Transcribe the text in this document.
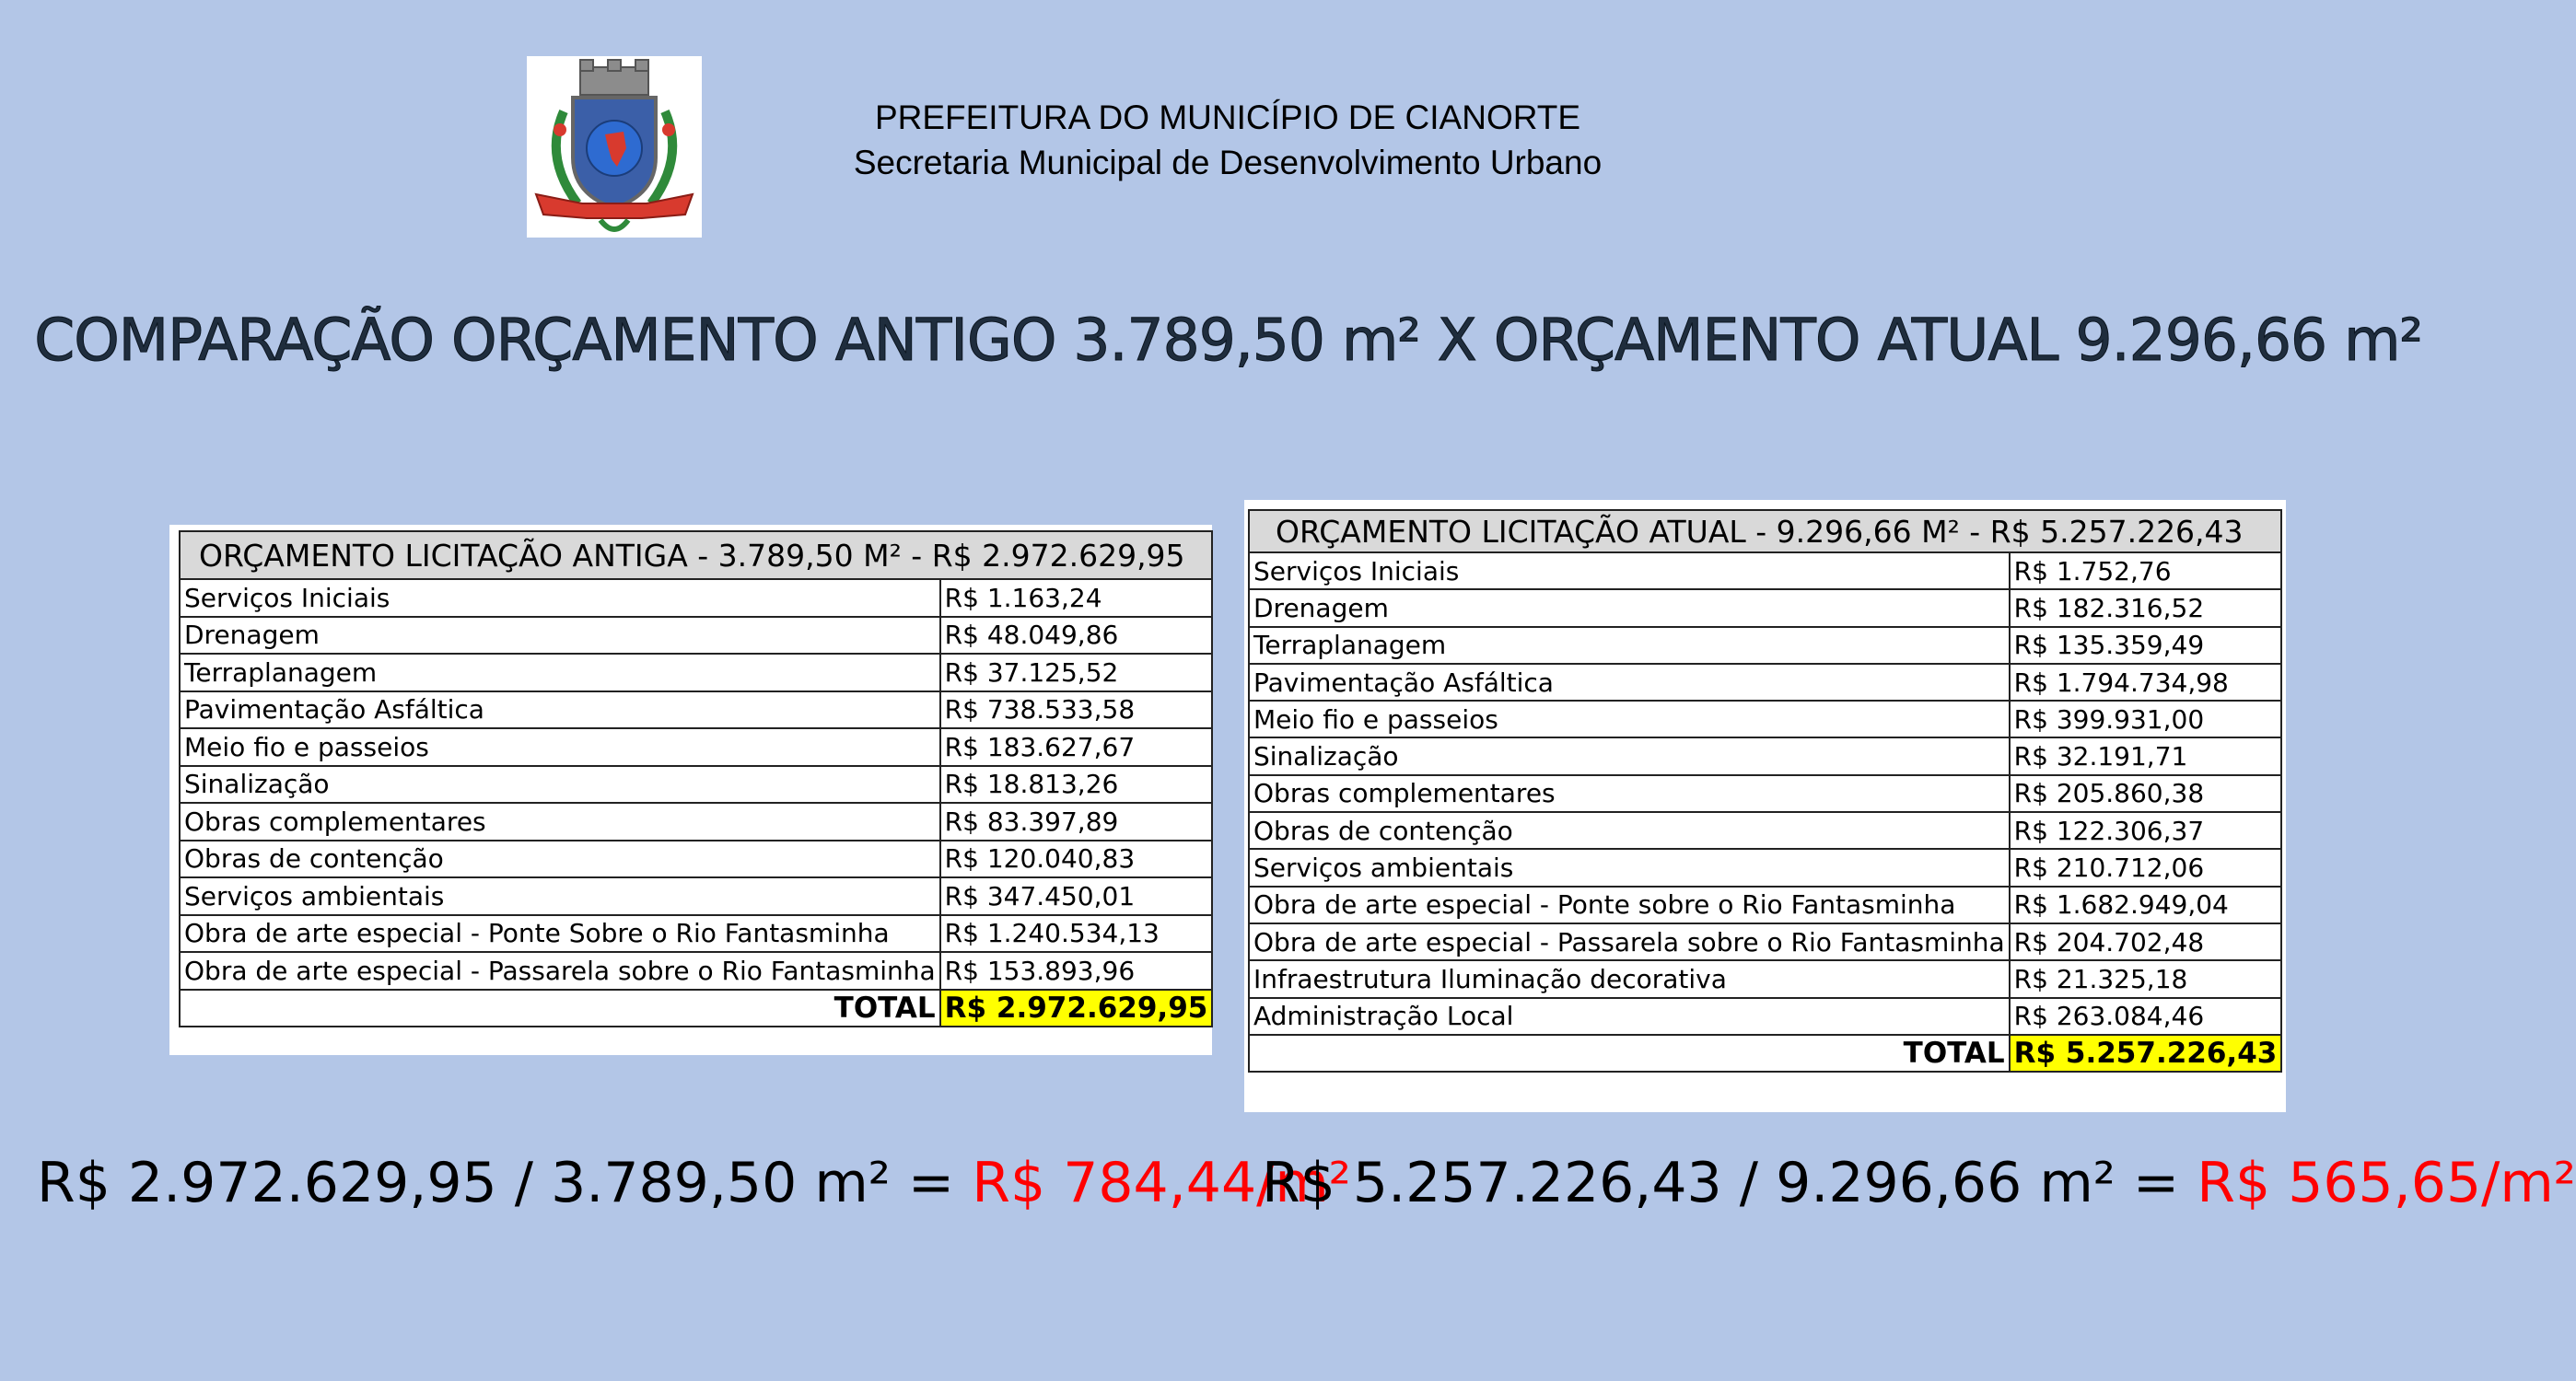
PREFEITURA DO MUNICÍPIO DE CIANORTE
Secretaria Municipal de Desenvolvimento Urbano
COMPARAÇÃO ORÇAMENTO ANTIGO 3.789,50 m² X ORÇAMENTO ATUAL 9.296,66 m²
ORÇAMENTO LICITAÇÃO ANTIGA - 3.789,50 M² - R$ 2.972.629,95	
Serviços Iniciais	R$ 1.163,24
Drenagem	R$ 48.049,86
Terraplanagem	R$ 37.125,52
Pavimentação Asfáltica	R$ 738.533,58
Meio fio e passeios	R$ 183.627,67
Sinalização	R$ 18.813,26
Obras complementares	R$ 83.397,89
Obras de contenção	R$ 120.040,83
Serviços ambientais	R$ 347.450,01
Obra de arte especial - Ponte Sobre o Rio Fantasminha	R$ 1.240.534,13
Obra de arte especial - Passarela sobre o Rio Fantasminha	R$ 153.893,96
TOTAL	R$ 2.972.629,95
ORÇAMENTO LICITAÇÃO ATUAL - 9.296,66 M² - R$ 5.257.226,43	
Serviços Iniciais	R$ 1.752,76
Drenagem	R$ 182.316,52
Terraplanagem	R$ 135.359,49
Pavimentação Asfáltica	R$ 1.794.734,98
Meio fio e passeios	R$ 399.931,00
Sinalização	R$ 32.191,71
Obras complementares	R$ 205.860,38
Obras de contenção	R$ 122.306,37
Serviços ambientais	R$ 210.712,06
Obra de arte especial - Ponte sobre o Rio Fantasminha	R$ 1.682.949,04
Obra de arte especial - Passarela sobre o Rio Fantasminha	R$ 204.702,48
Infraestrutura Iluminação decorativa	R$ 21.325,18
Administração Local	R$ 263.084,46
TOTAL	R$ 5.257.226,43
R$ 2.972.629,95 / 3.789,50 m² = R$ 784,44/m²
R$ 5.257.226,43 / 9.296,66 m² = R$ 565,65/m²
